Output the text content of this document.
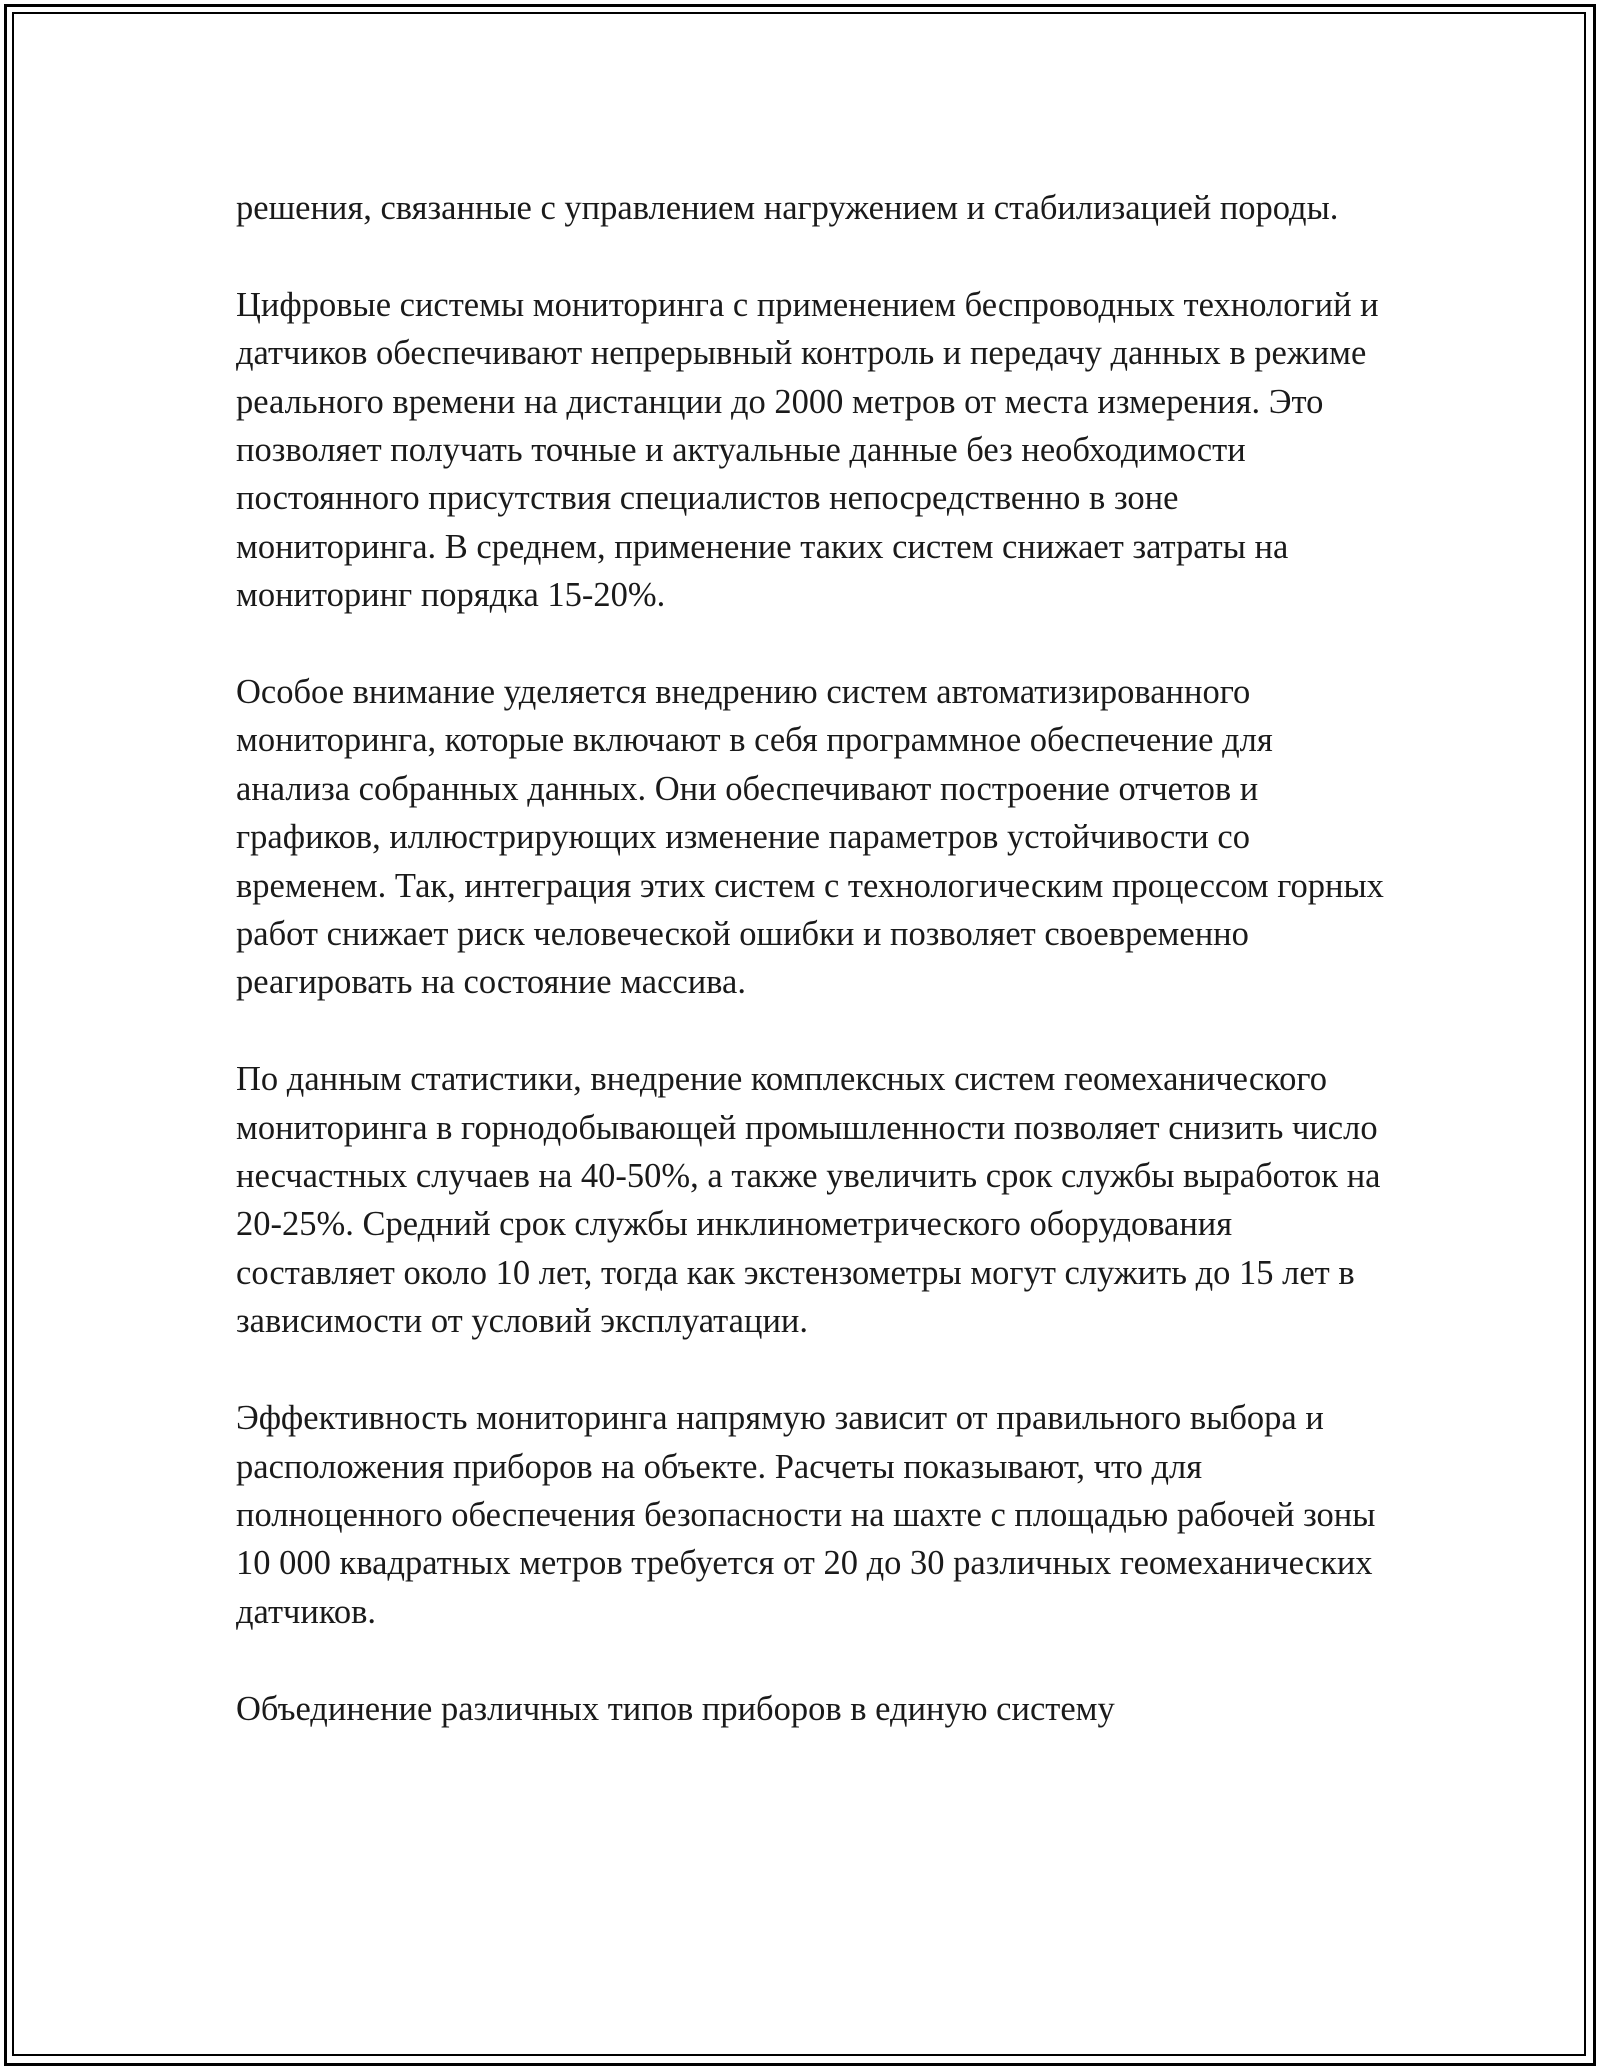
решения, связанные с управлением нагружением и стабилизацией породы.

Цифровые системы мониторинга с применением беспроводных технологий и датчиков обеспечивают непрерывный контроль и передачу данных в режиме реального времени на дистанции до 2000 метров от места измерения. Это позволяет получать точные и актуальные данные без необходимости постоянного присутствия специалистов непосредственно в зоне мониторинга. В среднем, применение таких систем снижает затраты на мониторинг порядка 15-20%.

Особое внимание уделяется внедрению систем автоматизированного мониторинга, которые включают в себя программное обеспечение для анализа собранных данных. Они обеспечивают построение отчетов и графиков, иллюстрирующих изменение параметров устойчивости со временем. Так, интеграция этих систем с технологическим процессом горных работ снижает риск человеческой ошибки и позволяет своевременно реагировать на состояние массива.

По данным статистики, внедрение комплексных систем геомеханического мониторинга в горнодобывающей промышленности позволяет снизить число несчастных случаев на 40-50%, а также увеличить срок службы выработок на 20-25%. Средний срок службы инклинометрического оборудования составляет около 10 лет, тогда как экстензометры могут служить до 15 лет в зависимости от условий эксплуатации.

Эффективность мониторинга напрямую зависит от правильного выбора и расположения приборов на объекте. Расчеты показывают, что для полноценного обеспечения безопасности на шахте с площадью рабочей зоны 10 000 квадратных метров требуется от 20 до 30 различных геомеханических датчиков.

Объединение различных типов приборов в единую систему
